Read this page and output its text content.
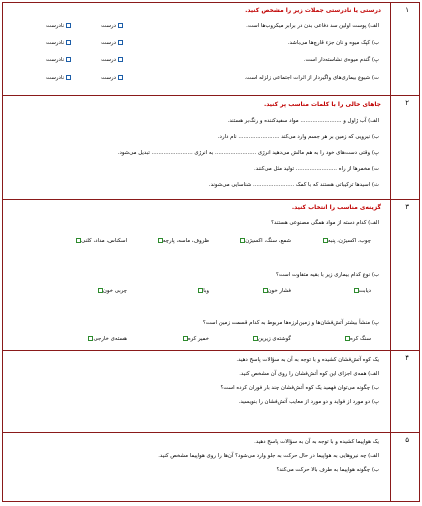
۱
درستی یا نادرستی جملات زیر را مشخص کنید.
الف) پوست اولین سد دفاعی بدن در برابر میکروب‌ها است.
درست
نادرست
ب) کپک میوه و نان جزء قارچ‌ها می‌باشد.
درست
نادرست
پ) گندم میوه‌ی نشاسته‌دار است.
درست
نادرست
ت) شیوع بیماری‌های واگیردار از اثرات اجتماعی زلزله است.
درست
نادرست
۲
جاهای خالی را با کلمات مناسب پر کنید.
الف) آب ژاول و ........................ مواد سفیدکننده و رنگ‌بر هستند.
ب) نیرویی که زمین بر هر جسم وارد می‌کند ........................ نام دارد.
پ) وقتی دست‌های خود را به هم مالش می‌دهید انرژی ........................ به انرژی ........................ تبدیل می‌شود.
ت) مخمرها از راه ........................ تولید مثل می‌کنند.
ث) اسیدها ترکیباتی هستند که با کمک ........................ شناسایی می‌شوند.
۳
گزینه‌ی مناسب را انتخاب کنید.
الف) کدام دسته از مواد همگی مصنوعی هستند؟
چوب، اکسیژن، پنبه
شمع، سنگ، اکسیژن
ظروف، ماسه، پارچه
اسکناس، مداد، کلنی
ب) نوع کدام بیماری زیر با بقیه متفاوت است؟
دیابت
فشار خون
وبا
چربی خون
پ) منشأ بیشتر آتش‌فشان‌ها و زمین‌لرزه‌ها مربوط به کدام قسمت زمین است؟
سنگ کره
گوشته‌ی زیرین
خمیر کره
هسته‌ی خارجی
۴
یک کوه آتش‌فشان کشیده و با توجه به آن به سؤالات پاسخ دهید.
الف) همه‌ی اجزای این کوه آتش‌فشان را روی آن مشخص کنید.
ب) چگونه می‌توان فهمید یک کوه آتش‌فشان چند بار فوران کرده است؟
پ) دو مورد از فواید و دو مورد از معایب آتش‌فشان را بنویسید.
۵
یک هواپیما کشیده و با توجه به آن به سؤالات پاسخ دهید.
الف) چه نیروهایی به هواپیما در حال حرکت به جلو وارد می‌شود؟ آن‌ها را روی هواپیما مشخص کنید.
ب) چگونه هواپیما به طرف بالا حرکت می‌کند؟
